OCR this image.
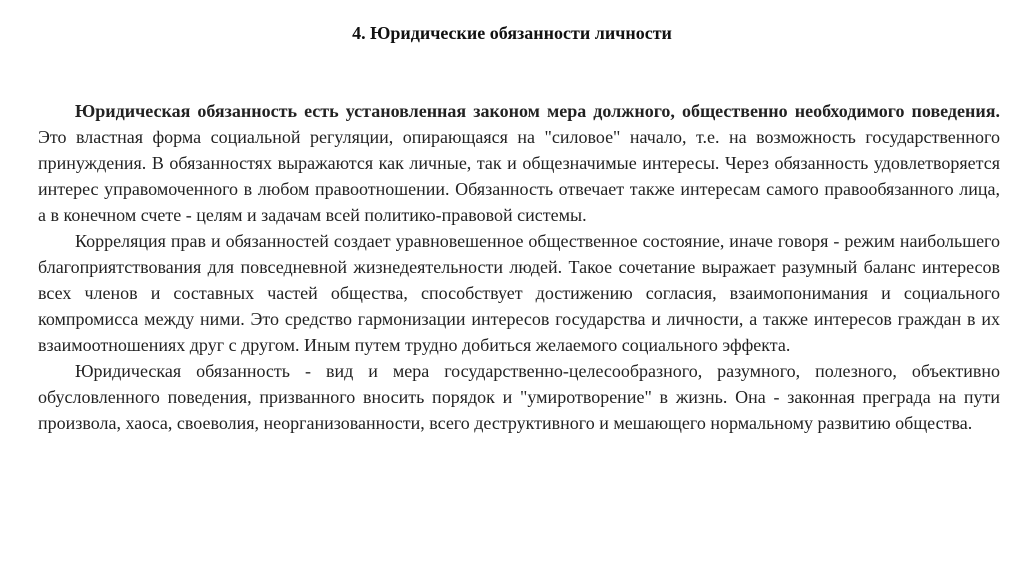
4. Юридические обязанности личности

Юридическая обязанность есть установленная законом мера должного, общественно необходимого поведения. Это властная форма социальной регуляции, опирающаяся на "силовое" начало, т.е. на возможность государственного принуждения. В обязанностях выражаются как личные, так и общезначимые интересы. Через обязанность удовлетворяется интерес управомоченного в любом правоотношении. Обязанность отвечает также интересам самого правообязанного лица, а в конечном счете - целям и задачам всей политико-правовой системы.

Корреляция прав и обязанностей создает уравновешенное общественное состояние, иначе говоря - режим наибольшего благоприятствования для повседневной жизнедеятельности людей. Такое сочетание выражает разумный баланс интересов всех членов и составных частей общества, способствует достижению согласия, взаимопонимания и социального компромисса между ними. Это средство гармонизации интересов государства и личности, а также интересов граждан в их взаимоотношениях друг с другом. Иным путем трудно добиться желаемого социального эффекта.

Юридическая обязанность - вид и мера государственно-целесообразного, разумного, полезного, объективно обусловленного поведения, призванного вносить порядок и "умиротворение" в жизнь. Она - законная преграда на пути произвола, хаоса, своеволия, неорганизованности, всего деструктивного и мешающего нормальному развитию общества.
